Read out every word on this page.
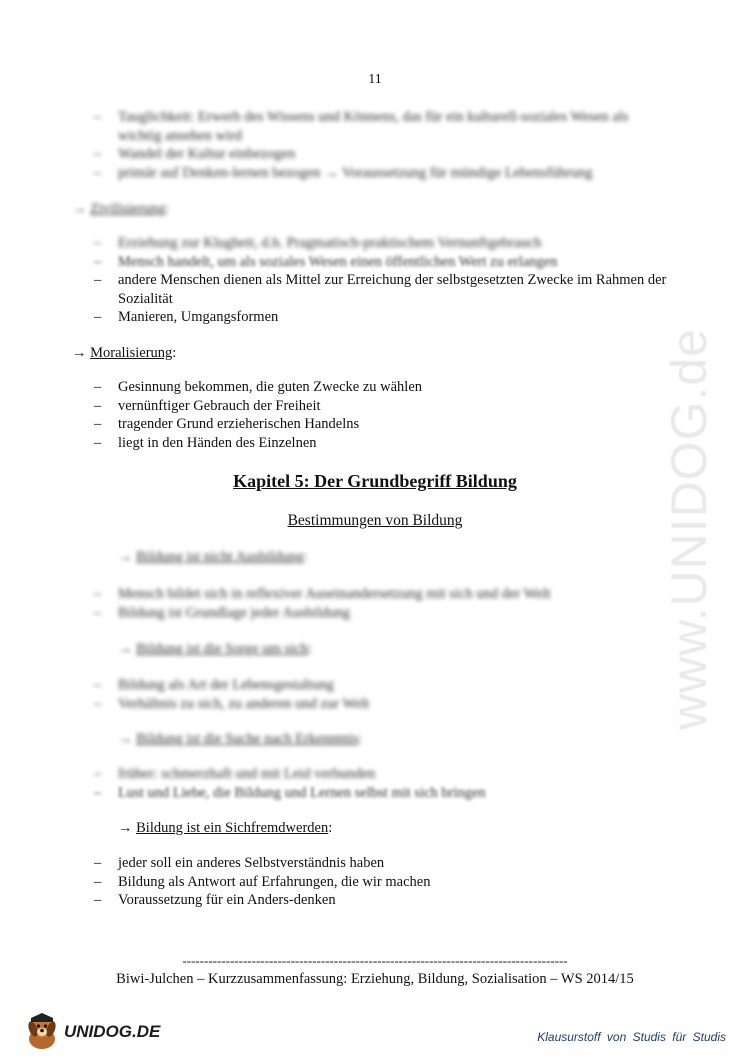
www.UNIDOG.de
11
– Tauglichkeit: Erwerb des Wissens und Könnens, das für ein kulturell-soziales Wesen als wichtig ansehen wird
– Wandel der Kultur einbezogen
– primär auf Denken-lernen bezogen → Voraussetzung für mündige Lebensführung
→ Zivilisierung:
– Erziehung zur Klugheit, d.h. Pragmatisch-praktischem Vernunftgebrauch
– Mensch handelt, um als soziales Wesen einen öffentlichen Wert zu erlangen
– andere Menschen dienen als Mittel zur Erreichung der selbstgesetzten Zwecke im Rahmen der Sozialität
– Manieren, Umgangsformen
→ Moralisierung:
– Gesinnung bekommen, die guten Zwecke zu wählen
– vernünftiger Gebrauch der Freiheit
– tragender Grund erzieherischen Handelns
– liegt in den Händen des Einzelnen
Kapitel 5: Der Grundbegriff Bildung
Bestimmungen von Bildung
→ Bildung ist nicht Ausbildung:
– Mensch bildet sich in reflexiver Auseinandersetzung mit sich und der Welt
– Bildung ist Grundlage jeder Ausbildung
→ Bildung ist die Sorge um sich:
– Bildung als Art der Lebensgestaltung
– Verhältnis zu sich, zu anderen und zur Welt
→ Bildung ist die Suche nach Erkenntnis:
– früher: schmerzhaft und mit Leid verbunden
– Lust und Liebe, die Bildung und Lernen selbst mit sich bringen
→ Bildung ist ein Sichfremdwerden:
– jeder soll ein anderes Selbstverständnis haben
– Bildung als Antwort auf Erfahrungen, die wir machen
– Voraussetzung für ein Anders-denken
-----------------------------------------------------------------------------------------
Biwi-Julchen – Kurzzusammenfassung: Erziehung, Bildung, Sozialisation – WS 2014/15
UNIDOG.DE	Klausurstoff von Studis für Studis
